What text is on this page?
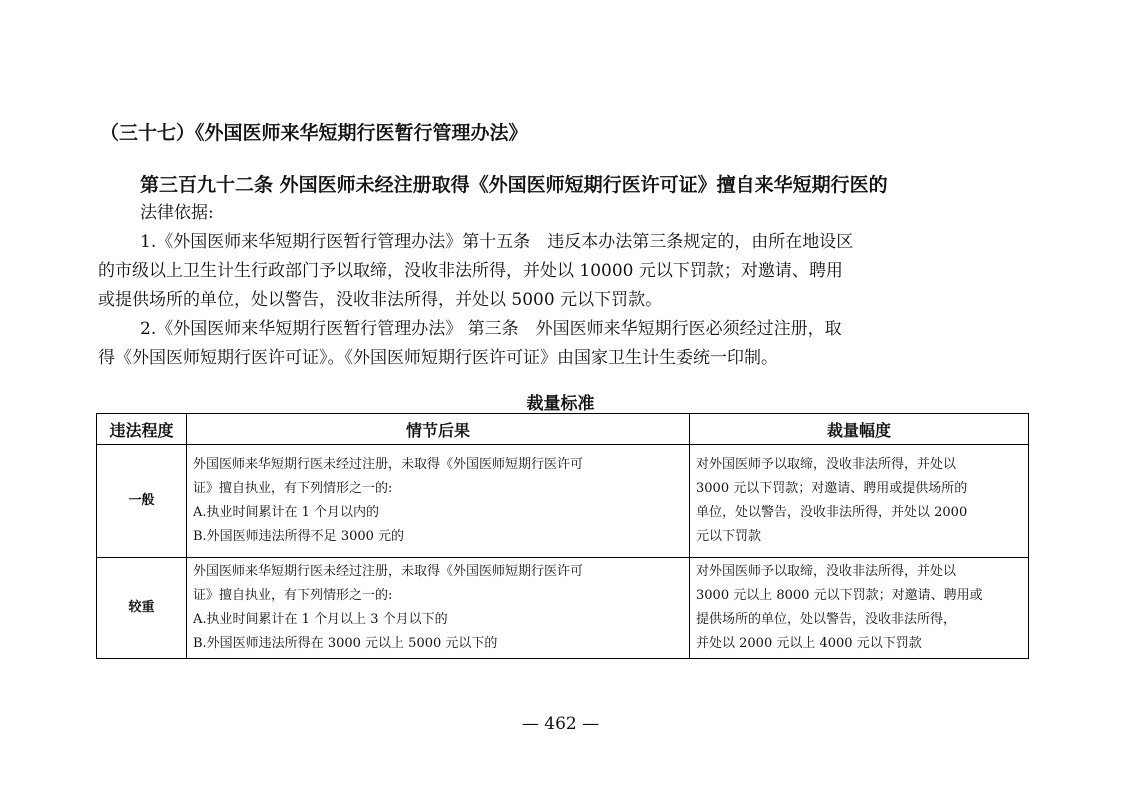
（三十七）《外国医师来华短期行医暂行管理办法》
第三百九十二条 外国医师未经注册取得《外国医师短期行医许可证》擅自来华短期行医的
法律依据:
1.《外国医师来华短期行医暂行管理办法》第十五条　违反本办法第三条规定的，由所在地设区
的市级以上卫生计生行政部门予以取缔，没收非法所得，并处以 10000 元以下罚款；对邀请、聘用
或提供场所的单位，处以警告，没收非法所得，并处以 5000 元以下罚款。
2.《外国医师来华短期行医暂行管理办法》 第三条　外国医师来华短期行医必须经过注册，取
得《外国医师短期行医许可证》。《外国医师短期行医许可证》由国家卫生计生委统一印制。
裁量标准
违法程度	情节后果	裁量幅度
一般	外国医师来华短期行医未经过注册，未取得《外国医师短期行医许可
证》擅自执业，有下列情形之一的:
A.执业时间累计在 1 个月以内的
B.外国医师违法所得不足 3000 元的	对外国医师予以取缔，没收非法所得，并处以
3000 元以下罚款；对邀请、聘用或提供场所的
单位，处以警告，没收非法所得，并处以 2000
元以下罚款

较重	外国医师来华短期行医未经过注册，未取得《外国医师短期行医许可
证》擅自执业，有下列情形之一的:
A.执业时间累计在 1 个月以上 3 个月以下的
B.外国医师违法所得在 3000 元以上 5000 元以下的	对外国医师予以取缔，没收非法所得，并处以
3000 元以上 8000 元以下罚款；对邀请、聘用或
提供场所的单位，处以警告，没收非法所得，
并处以 2000 元以上 4000 元以下罚款
— 462 —
